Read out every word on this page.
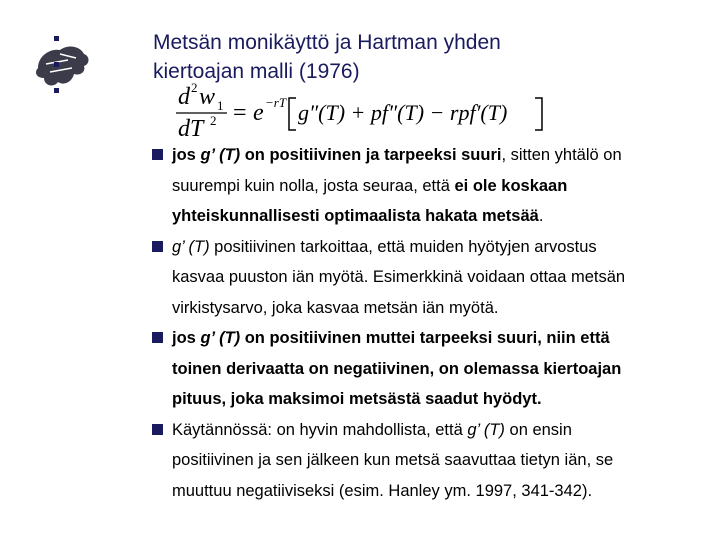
Metsän monikäyttö ja Hartman yhden
kiertoajan malli (1976)
d 2 w 1
dT 2 = e −rT g″(T) + pf″(T) − rpf′(T)
jos g’ (T) on positiivinen ja tarpeeksi suuri, sitten yhtälö on
suurempi kuin nolla, josta seuraa, että ei ole koskaan
yhteiskunnallisesti optimaalista hakata metsää.
g’ (T) positiivinen tarkoittaa, että muiden hyötyjen arvostus
kasvaa puuston iän myötä. Esimerkkinä voidaan ottaa metsän
virkistysarvo, joka kasvaa metsän iän myötä.
jos g’ (T) on positiivinen muttei tarpeeksi suuri, niin että
toinen derivaatta on negatiivinen, on olemassa kiertoajan
pituus, joka maksimoi metsästä saadut hyödyt.
Käytännössä: on hyvin mahdollista, että g’ (T) on ensin
positiivinen ja sen jälkeen kun metsä saavuttaa tietyn iän, se
muuttuu negatiiviseksi (esim. Hanley ym. 1997, 341-342).
